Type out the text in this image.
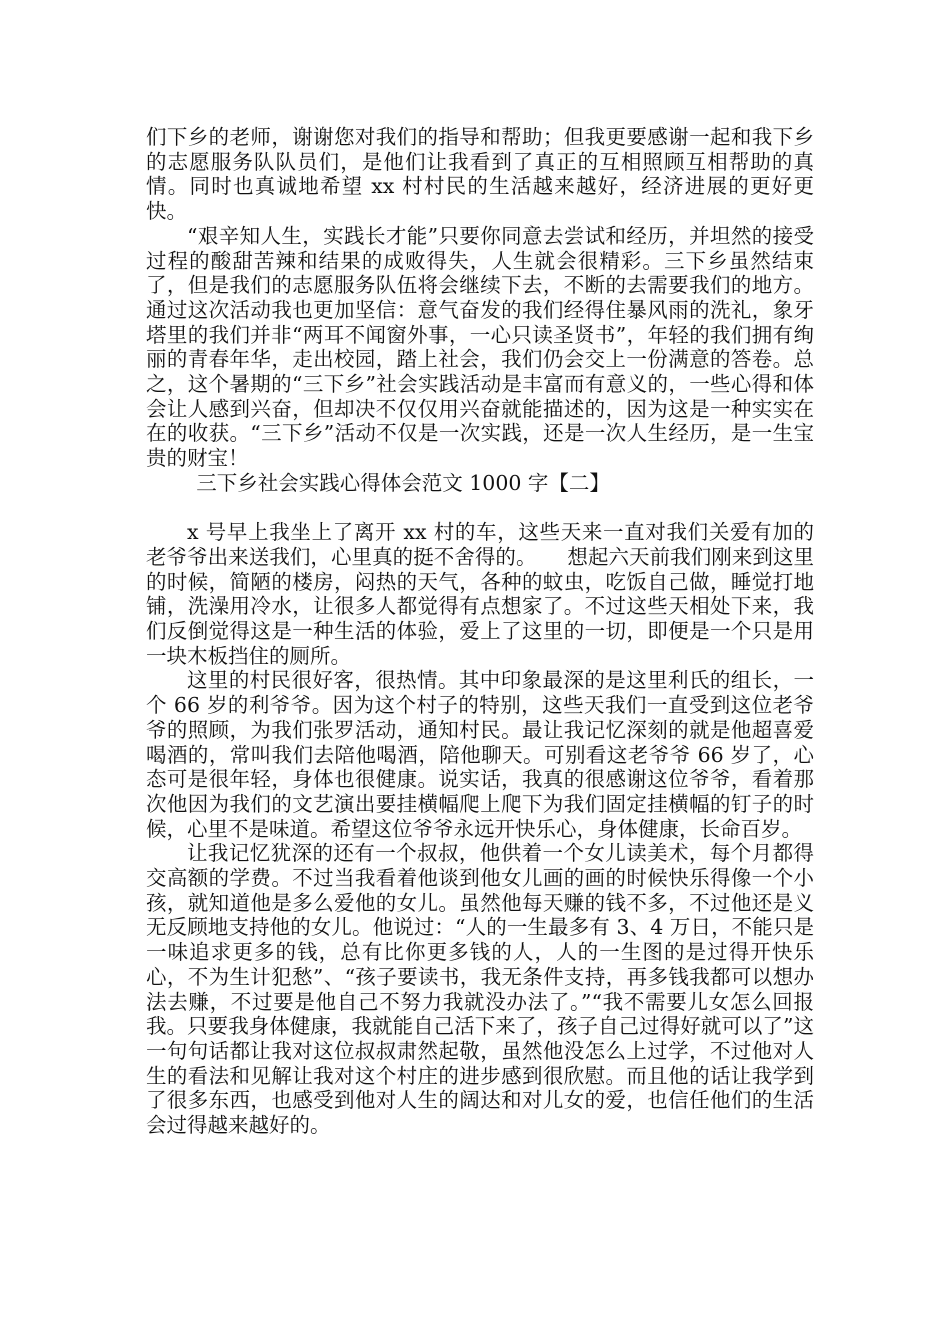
们下乡的老师，谢谢您对我们的指导和帮助；但我更要感谢一起和我下乡的志愿服务队队员们，是他们让我看到了真正的互相照顾互相帮助的真情。同时也真诚地希望 xx 村村民的生活越来越好，经济进展的更好更快。

“艰辛知人生，实践长才能”只要你同意去尝试和经历，并坦然的接受过程的酸甜苦辣和结果的成败得失，人生就会很精彩。三下乡虽然结束了，但是我们的志愿服务队伍将会继续下去，不断的去需要我们的地方。通过这次活动我也更加坚信：意气奋发的我们经得住暴风雨的洗礼，象牙塔里的我们并非“两耳不闻窗外事，一心只读圣贤书”，年轻的我们拥有绚丽的青春年华，走出校园，踏上社会，我们仍会交上一份满意的答卷。总之，这个暑期的“三下乡”社会实践活动是丰富而有意义的，一些心得和体会让人感到兴奋，但却决不仅仅用兴奋就能描述的，因为这是一种实实在在的收获。“三下乡”活动不仅是一次实践，还是一次人生经历，是一生宝贵的财宝！

三下乡社会实践心得体会范文 1000 字【二】

x 号早上我坐上了离开 xx 村的车，这些天来一直对我们关爱有加的老爷爷出来送我们，心里真的挺不舍得的。　　想起六天前我们刚来到这里的时候，简陋的楼房，闷热的天气，各种的蚊虫，吃饭自己做，睡觉打地铺，洗澡用冷水，让很多人都觉得有点想家了。不过这些天相处下来，我们反倒觉得这是一种生活的体验，爱上了这里的一切，即便是一个只是用一块木板挡住的厕所。

这里的村民很好客，很热情。其中印象最深的是这里利氏的组长，一个 66 岁的利爷爷。因为这个村子的特别，这些天我们一直受到这位老爷爷的照顾，为我们张罗活动，通知村民。最让我记忆深刻的就是他超喜爱喝酒的，常叫我们去陪他喝酒，陪他聊天。可别看这老爷爷 66 岁了，心态可是很年轻，身体也很健康。说实话，我真的很感谢这位爷爷，看着那次他因为我们的文艺演出要挂横幅爬上爬下为我们固定挂横幅的钉子的时候，心里不是味道。希望这位爷爷永远开快乐心，身体健康，长命百岁。

让我记忆犹深的还有一个叔叔，他供着一个女儿读美术，每个月都得交高额的学费。不过当我看着他谈到他女儿画的画的时候快乐得像一个小孩，就知道他是多么爱他的女儿。虽然他每天赚的钱不多，不过他还是义无反顾地支持他的女儿。他说过：“人的一生最多有 3、4 万日，不能只是一味追求更多的钱，总有比你更多钱的人，人的一生图的是过得开快乐心，不为生计犯愁”、“孩子要读书，我无条件支持，再多钱我都可以想办法去赚，不过要是他自己不努力我就没办法了。”“我不需要儿女怎么回报我。只要我身体健康，我就能自己活下来了，孩子自己过得好就可以了”这一句句话都让我对这位叔叔肃然起敬，虽然他没怎么上过学，不过他对人生的看法和见解让我对这个村庄的进步感到很欣慰。而且他的话让我学到了很多东西，也感受到他对人生的阔达和对儿女的爱，也信任他们的生活会过得越来越好的。
